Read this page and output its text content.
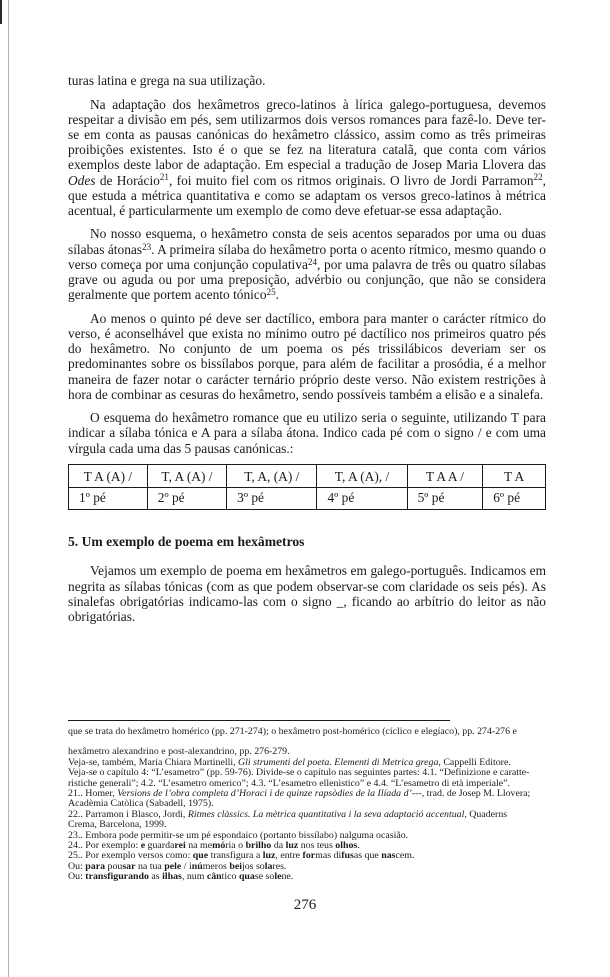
turas latina e grega na sua utilização.
Na adaptação dos hexâmetros greco-latinos à lírica galego-portuguesa, devemos respeitar a divisão em pés, sem utilizarmos dois versos romances para fazê-lo. Deve ter-se em conta as pausas canónicas do hexâmetro clássico, assim como as três primeiras proibições existentes. Isto é o que se fez na literatura catalã, que conta com vários exemplos deste labor de adaptação. Em especial a tradução de Josep Maria Llovera das Odes de Horácio$^{21}$, foi muito fiel com os ritmos originais. O livro de Jordi Parramon$^{22}$, que estuda a métrica quantitativa e como se adaptam os versos greco-latinos à métrica acentual, é particularmente um exemplo de como deve efetuar-se essa adaptação.
No nosso esquema, o hexâmetro consta de seis acentos separados por uma ou duas sílabas átonas$^{23}$. A primeira sílaba do hexâmetro porta o acento rítmico, mesmo quando o verso começa por uma conjunção copulativa$^{24}$, por uma palavra de três ou quatro sílabas grave ou aguda ou por uma preposição, advérbio ou conjunção, que não se considera geralmente que portem acento tónico$^{25}$.
Ao menos o quinto pé deve ser dactílico, embora para manter o carácter rítmico do verso, é aconselhável que exista no mínimo outro pé dactílico nos primeiros quatro pés do hexâmetro. No conjunto de um poema os pés trissilábicos deveriam ser os predominantes sobre os bissílabos porque, para além de facilitar a prosódia, é a melhor maneira de fazer notar o carácter ternário próprio deste verso. Não existem restrições à hora de combinar as cesuras do hexâmetro, sendo possíveis também a elisão e a sinalefa.
O esquema do hexâmetro romance que eu utilizo seria o seguinte, utilizando T para indicar a sílaba tónica e A para a sílaba átona. Indico cada pé com o signo / e com uma vírgula cada uma das 5 pausas canónicas.:
T A (A) /	T, A (A) /	T, A, (A) /	T, A (A), /	T A A /	T A
1º pé	2º pé	3º pé	4º pé	5º pé	6º pé
5. Um exemplo de poema em hexâmetros
Vejamos um exemplo de poema em hexâmetros em galego-português. Indicamos em negrita as sílabas tónicas (com as que podem observar-se com claridade os seis pés). As sinalefas obrigatórias indicamo-las com o signo _, ficando ao arbítrio do leitor as não obrigatórias.
que se trata do hexâmetro homérico (pp. 271-274); o hexâmetro post-homérico (cíclico e elegíaco), pp. 274-276 e
hexâmetro alexandrino e post-alexandrino, pp. 276-279.
Veja-se, também, Maria Chiara Martinelli, Gli strumenti del poeta. Elementi di Metrica grega, Cappelli Editore.
Veja-se o capítulo 4: “L’esametro” (pp. 59-76). Divide-se o capítulo nas seguintes partes: 4.1. “Definizione e caratte-
ristiche generali”; 4.2. “L’esametro omerico”; 4.3. “L’esametro ellenistico” e 4.4. “L’esametro di età imperiale”.
21.. Homer, Versions de l’obra completa d’Horaci i de quinze rapsòdies de la Ilíada d’---, trad. de Josep M. Llovera;
Acadèmia Catòlica (Sabadell, 1975).
22.. Parramon i Blasco, Jordi, Ritmes clàssics. La mètrica quantitativa i la seva adaptació accentual, Quaderns
Crema, Barcelona, 1999.
23.. Embora pode permitir-se um pé espondaico (portanto bissílabo) nalguma ocasião.
24.. Por exemplo: e guardarei na memória o brilho da luz nos teus olhos.
25.. Por exemplo versos como: que transfigura a luz, entre formas difusas que nascem.
Ou: para pousar na tua pele / inúmeros beijos solares.
Ou: transfigurando as ilhas, num cântico quase solene.
276
